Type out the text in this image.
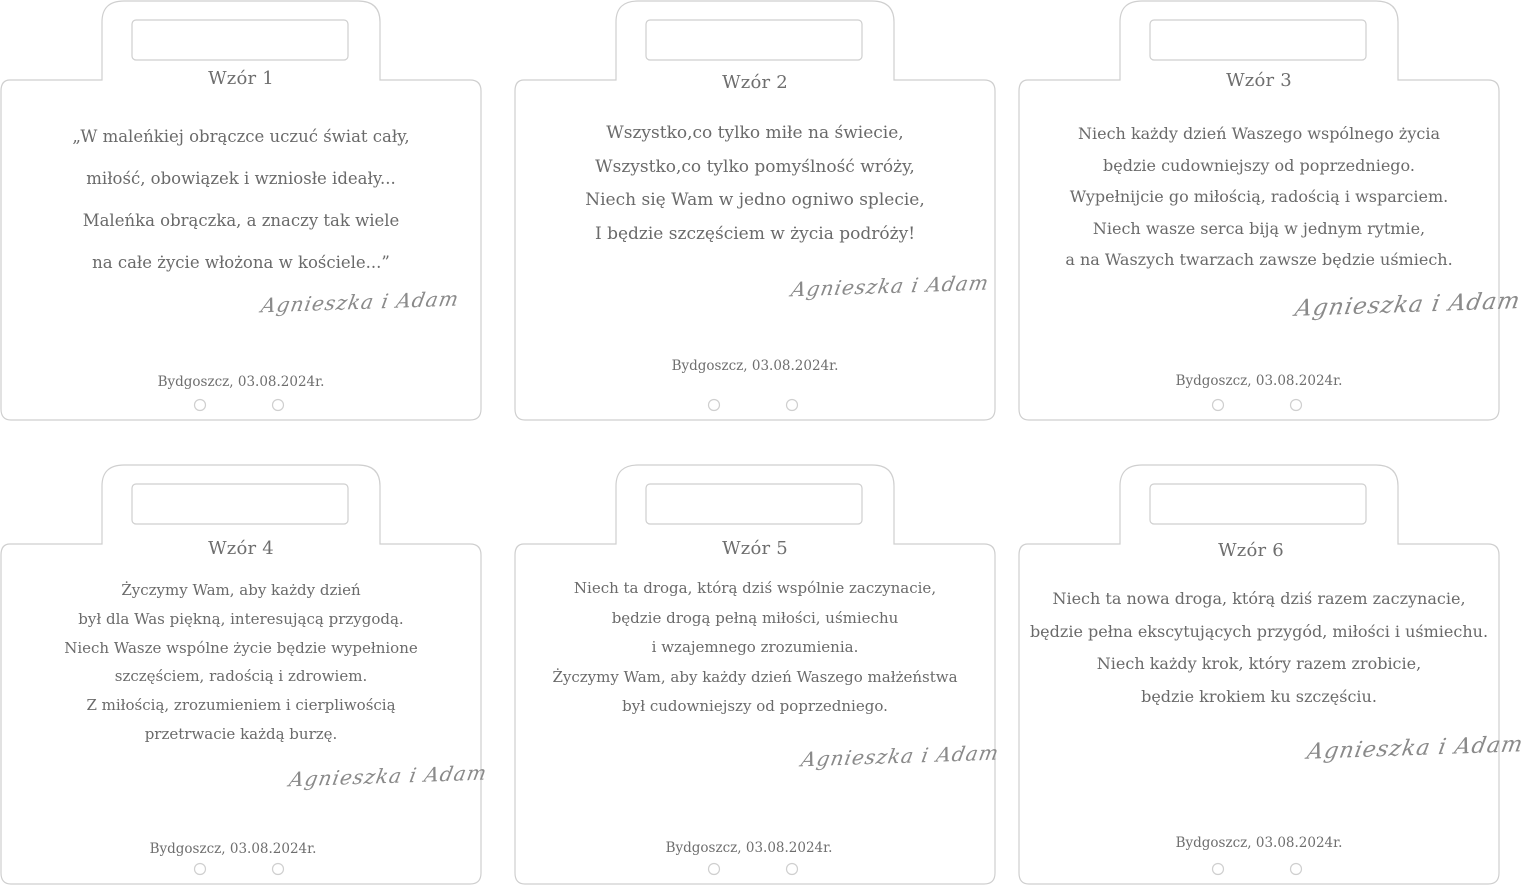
Wzór 1
„W maleńkiej obrączce uczuć świat cały,
miłość, obowiązek i wzniosłe ideały...
Maleńka obrączka, a znaczy tak wiele
na całe życie włożona w kościele...”
Agnieszka i Adam
Bydgoszcz, 03.08.2024r.
Wzór 2
Wszystko,co tylko miłe na świecie,
Wszystko,co tylko pomyślność wróży,
Niech się Wam w jedno ogniwo splecie,
I będzie szczęściem w życia podróży!
Agnieszka i Adam
Bydgoszcz, 03.08.2024r.
Wzór 3
Niech każdy dzień Waszego wspólnego życia
będzie cudowniejszy od poprzedniego.
Wypełnijcie go miłością, radością i wsparciem.
Niech wasze serca biją w jednym rytmie,
a na Waszych twarzach zawsze będzie uśmiech.
Agnieszka i Adam
Bydgoszcz, 03.08.2024r.
Wzór 4
Życzymy Wam, aby każdy dzień
był dla Was piękną, interesującą przygodą.
Niech Wasze wspólne życie będzie wypełnione
szczęściem, radością i zdrowiem.
Z miłością, zrozumieniem i cierpliwością
przetrwacie każdą burzę.
Agnieszka i Adam
Bydgoszcz, 03.08.2024r.
Wzór 5
Niech ta droga, którą dziś wspólnie zaczynacie,
będzie drogą pełną miłości, uśmiechu
i wzajemnego zrozumienia.
Życzymy Wam, aby każdy dzień Waszego małżeństwa
był cudowniejszy od poprzedniego.
Agnieszka i Adam
Bydgoszcz, 03.08.2024r.
Wzór 6
Niech ta nowa droga, którą dziś razem zaczynacie,
będzie pełna ekscytujących przygód, miłości i uśmiechu.
Niech każdy krok, który razem zrobicie,
będzie krokiem ku szczęściu.
Agnieszka i Adam
Bydgoszcz, 03.08.2024r.
